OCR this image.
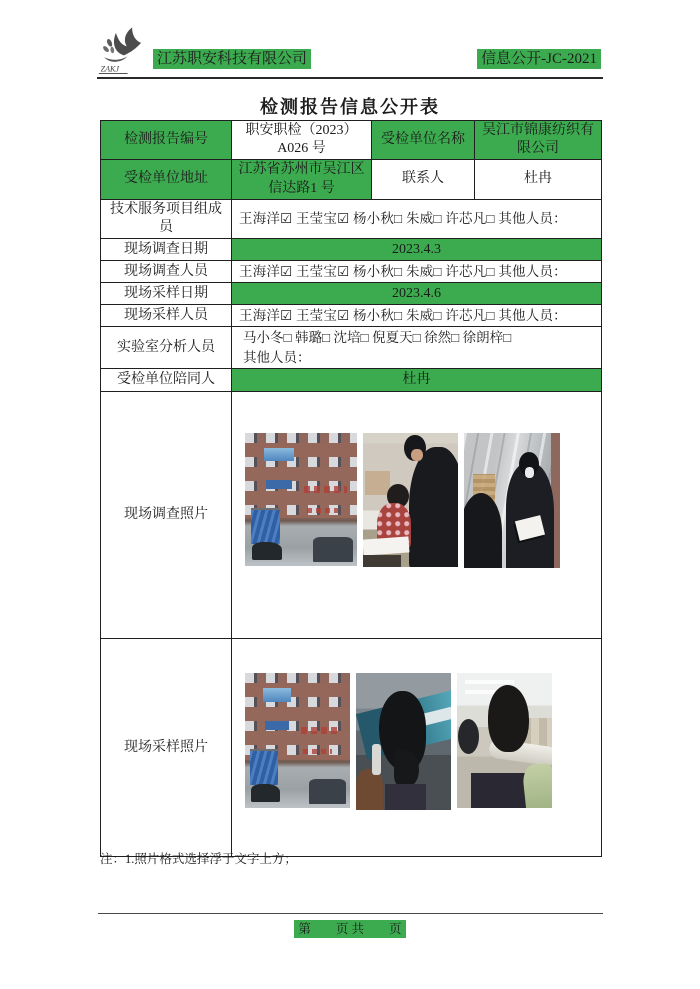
ZAKJ
江苏职安科技有限公司	信息公开-JC-2021
检测报告信息公开表
检测报告编号	职安职检（2023）A026 号	受检单位名称	吴江市锦康纺织有限公司
受检单位地址	江苏省苏州市吴江区信达路1 号	联系人	杜冉
技术服务项目组成员	王海洋☑ 王莹宝☑ 杨小秋□ 朱威□ 许芯凡□ 其他人员：		
现场调查日期	2023.4.3		
现场调查人员	王海洋☑ 王莹宝☑ 杨小秋□ 朱威□ 许芯凡□ 其他人员：		
现场采样日期	2023.4.6		
现场采样人员	王海洋☑ 王莹宝☑ 杨小秋□ 朱威□ 许芯凡□ 其他人员：		
实验室分析人员	马小冬□ 韩璐□ 沈培□ 倪夏天□ 徐然□ 徐朗梓□
其他人员：		

受检单位陪同人	杜冉		
现场调查照片			

现场采样照片			
注：1.照片格式选择浮于文字上方；
第　　页 共　　页
